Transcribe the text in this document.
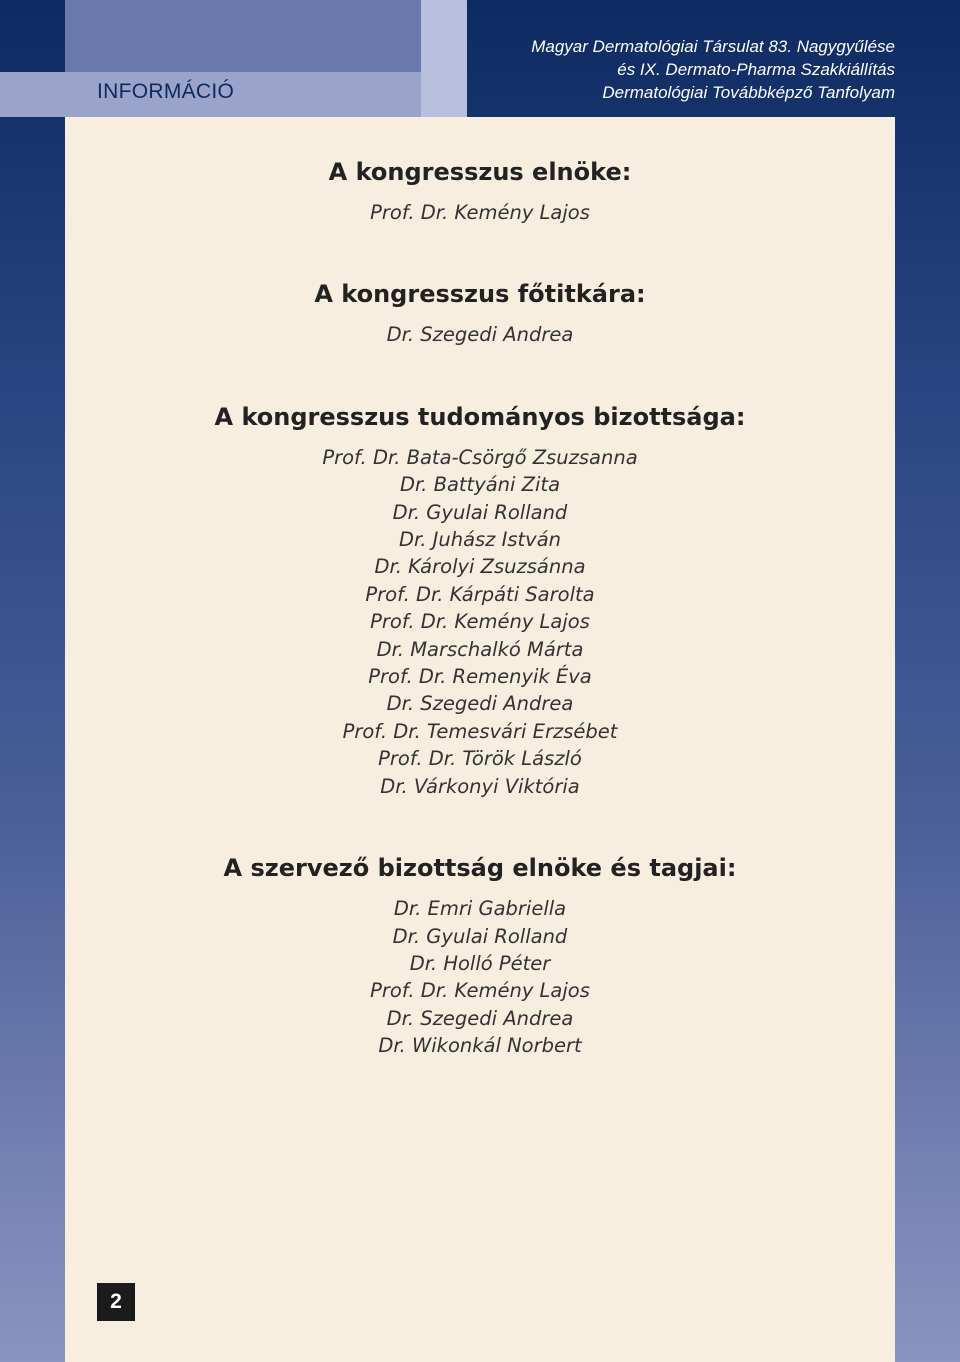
INFORMÁCIÓ
Magyar Dermatológiai Társulat 83. Nagygyűlése
és IX. Dermato-Pharma Szakkiállítás
Dermatológiai Továbbképző Tanfolyam
A kongresszus elnöke:
Prof. Dr. Kemény Lajos
A kongresszus főtitkára:
Dr. Szegedi Andrea
A kongresszus tudományos bizottsága:
Prof. Dr. Bata-Csörgő Zsuzsanna
Dr. Battyáni Zita
Dr. Gyulai Rolland
Dr. Juhász István
Dr. Károlyi Zsuzsánna
Prof. Dr. Kárpáti Sarolta
Prof. Dr. Kemény Lajos
Dr. Marschalkó Márta
Prof. Dr. Remenyik Éva
Dr. Szegedi Andrea
Prof. Dr. Temesvári Erzsébet
Prof. Dr. Török László
Dr. Várkonyi Viktória
A szervező bizottság elnöke és tagjai:
Dr. Emri Gabriella
Dr. Gyulai Rolland
Dr. Holló Péter
Prof. Dr. Kemény Lajos
Dr. Szegedi Andrea
Dr. Wikonkál Norbert
2
